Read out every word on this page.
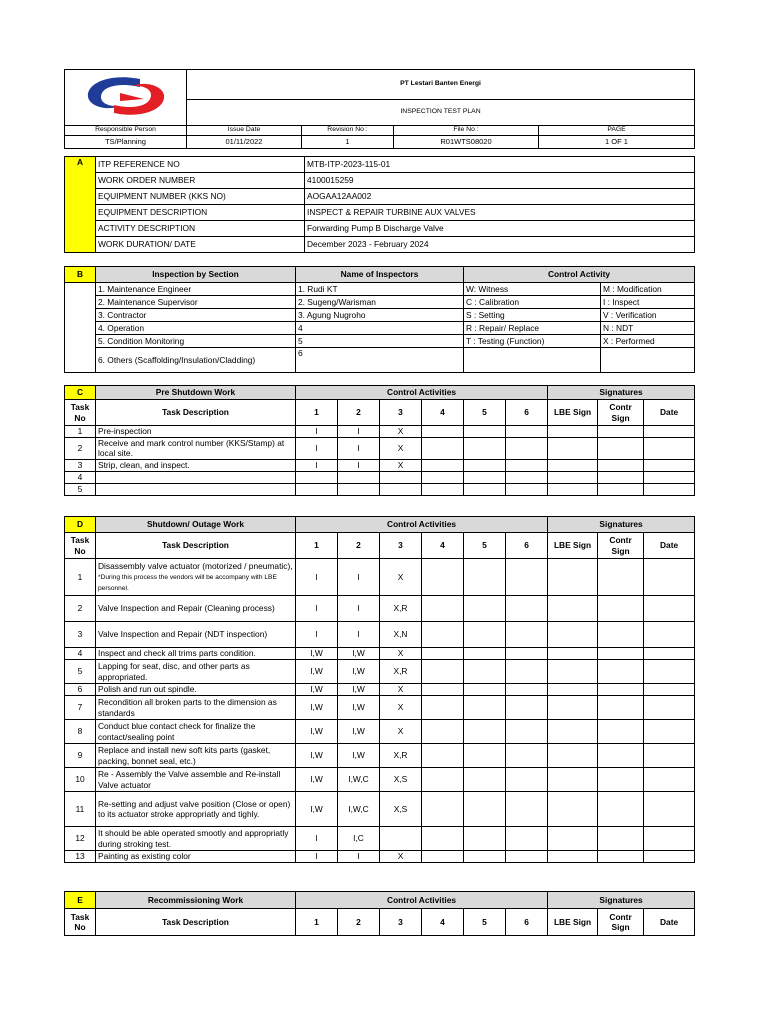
	PT Lestari Banten Energi			
	INSPECTION TEST PLAN			
Responsible Person	Issue Date	Revision No :	File No :	PAGE
TS/Planning	01/11/2022	1	R01WTS08020	1 OF 1
A	ITP REFERENCE NO	MTB-ITP-2023-115-01
	WORK ORDER NUMBER	4100015259
	EQUIPMENT NUMBER (KKS NO)	AOGAA12AA002
	EQUIPMENT DESCRIPTION	INSPECT & REPAIR TURBINE AUX VALVES
	ACTIVITY DESCRIPTION	Forwarding Pump B Discharge Valve
	WORK DURATION/ DATE	December 2023 - February 2024
B	Inspection by Section	Name of Inspectors	Control Activity	
	1. Maintenance Engineer	1. Rudi KT	W: Witness	M : Modification
	2. Maintenance Supervisor	2. Sugeng/Warisman	C : Calibration	I : Inspect
	3. Contractor	3. Agung Nugroho	S : Setting	V : Verification
	4. Operation	4	R : Repair/ Replace	N : NDT
	5. Condition Monitoring	5	T : Testing (Function)	X : Performed
	6. Others (Scaffolding/Insulation/Cladding)	6		
C	Pre Shutdown Work	Control Activities						Signatures		
Task No	Task Description	1	2	3	4	5	6	LBE Sign	Contr Sign	Date
1	Pre-inspection	I	I	X						
2	Receive and mark control number (KKS/Stamp) at local site.	I	I	X						
3	Strip, clean, and inspect.	I	I	X						
4										
5										
D	Shutdown/ Outage Work	Control Activities						Signatures		
Task No	Task Description	1	2	3	4	5	6	LBE Sign	Contr Sign	Date
1	Disassembly valve actuator (motorized / pneumatic), *During this process the vendors will be accompany with LBE personnel.	I	I	X						
2	Valve Inspection and Repair (Cleaning process)	I	I	X,R						
3	Valve Inspection and Repair (NDT inspection)	I	I	X,N						
4	Inspect and check all trims parts condition.	I,W	I,W	X						
5	Lapping for seat, disc, and other parts as appropriated.	I,W	I,W	X,R						
6	Polish and run out spindle.	I,W	I,W	X						
7	Recondition all broken parts to the dimension as standards	I,W	I,W	X						
8	Conduct blue contact check for finalize the contact/sealing point	I,W	I,W	X						
9	Replace and install new soft kits parts (gasket, packing, bonnet seal, etc.)	I,W	I,W	X,R						
10	Re - Assembly the Valve assemble and Re-install Valve actuator	I,W	I,W,C	X,S						
11	Re-setting and adjust valve position (Close or open) to its actuator stroke appropriatly and tighly.	I,W	I,W,C	X,S						
12	It should be able operated smootly and appropriatly during stroking test.	I	I,C							
13	Painting as existing color	I	I	X						
E	Recommissioning Work	Control Activities						Signatures		
Task No	Task Description	1	2	3	4	5	6	LBE Sign	Contr Sign	Date
